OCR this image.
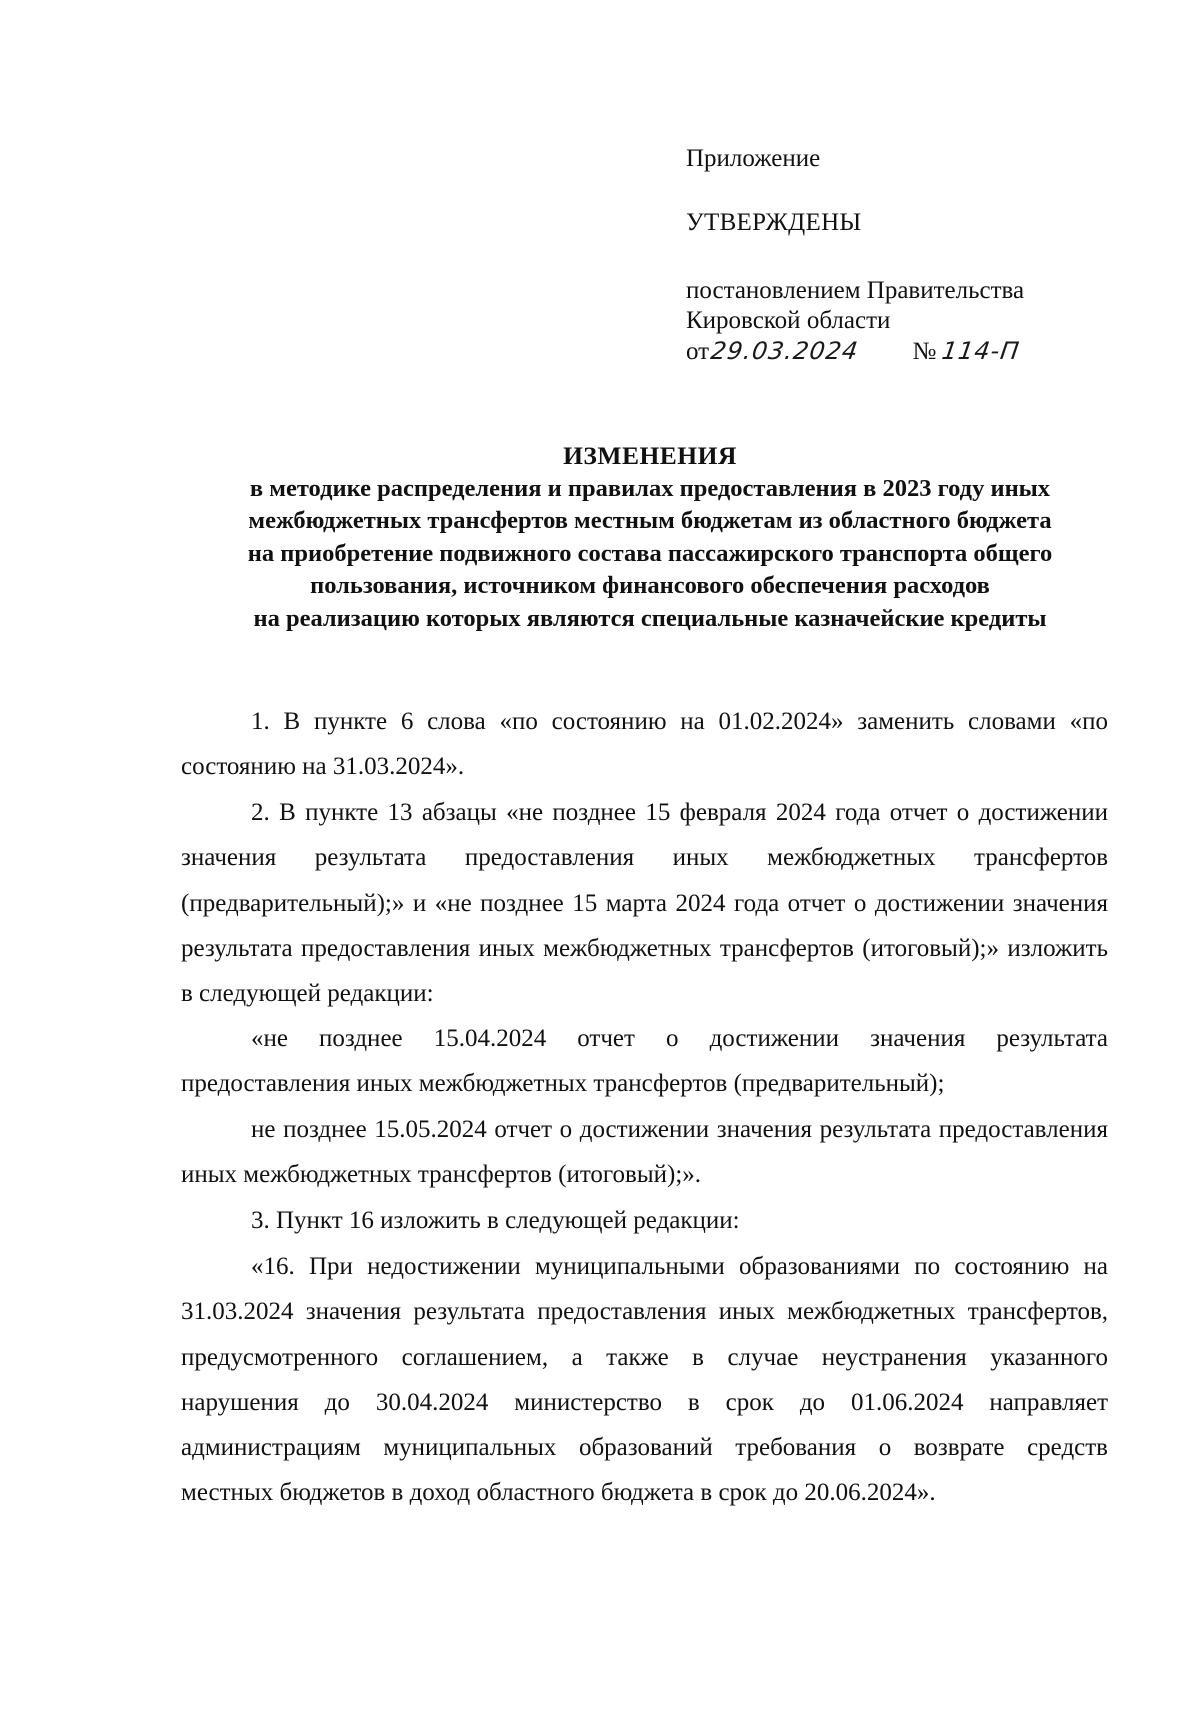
Приложение
УТВЕРЖДЕНЫ
постановлением Правительства
Кировской области
от29.03.2024 № 114-П
ИЗМЕНЕНИЯ
в методике распределения и правилах предоставления в 2023 году иных
межбюджетных трансфертов местным бюджетам из областного бюджета
на приобретение подвижного состава пассажирского транспорта общего
пользования, источником финансового обеспечения расходов
на реализацию которых являются специальные казначейские кредиты

1. В пункте 6 слова «по состоянию на 01.02.2024» заменить словами «по состоянию на 31.03.2024».

2. В пункте 13 абзацы «не позднее 15 февраля 2024 года отчет о достижении значения результата предоставления иных межбюджетных трансфертов (предварительный);» и «не позднее 15 марта 2024 года отчет о достижении значения результата предоставления иных межбюджетных трансфертов (итоговый);» изложить в следующей редакции:

«не позднее 15.04.2024 отчет о достижении значения результата предоставления иных межбюджетных трансфертов (предварительный);

не позднее 15.05.2024 отчет о достижении значения результата предоставления иных межбюджетных трансфертов (итоговый);».

3. Пункт 16 изложить в следующей редакции:

«16. При недостижении муниципальными образованиями по состоянию на 31.03.2024 значения результата предоставления иных межбюджетных трансфертов, предусмотренного соглашением, а также в случае неустранения указанного нарушения до 30.04.2024 министерство в срок до 01.06.2024 направляет администрациям муниципальных образований требования о возврате средств местных бюджетов в доход областного бюджета в срок до 20.06.2024».
